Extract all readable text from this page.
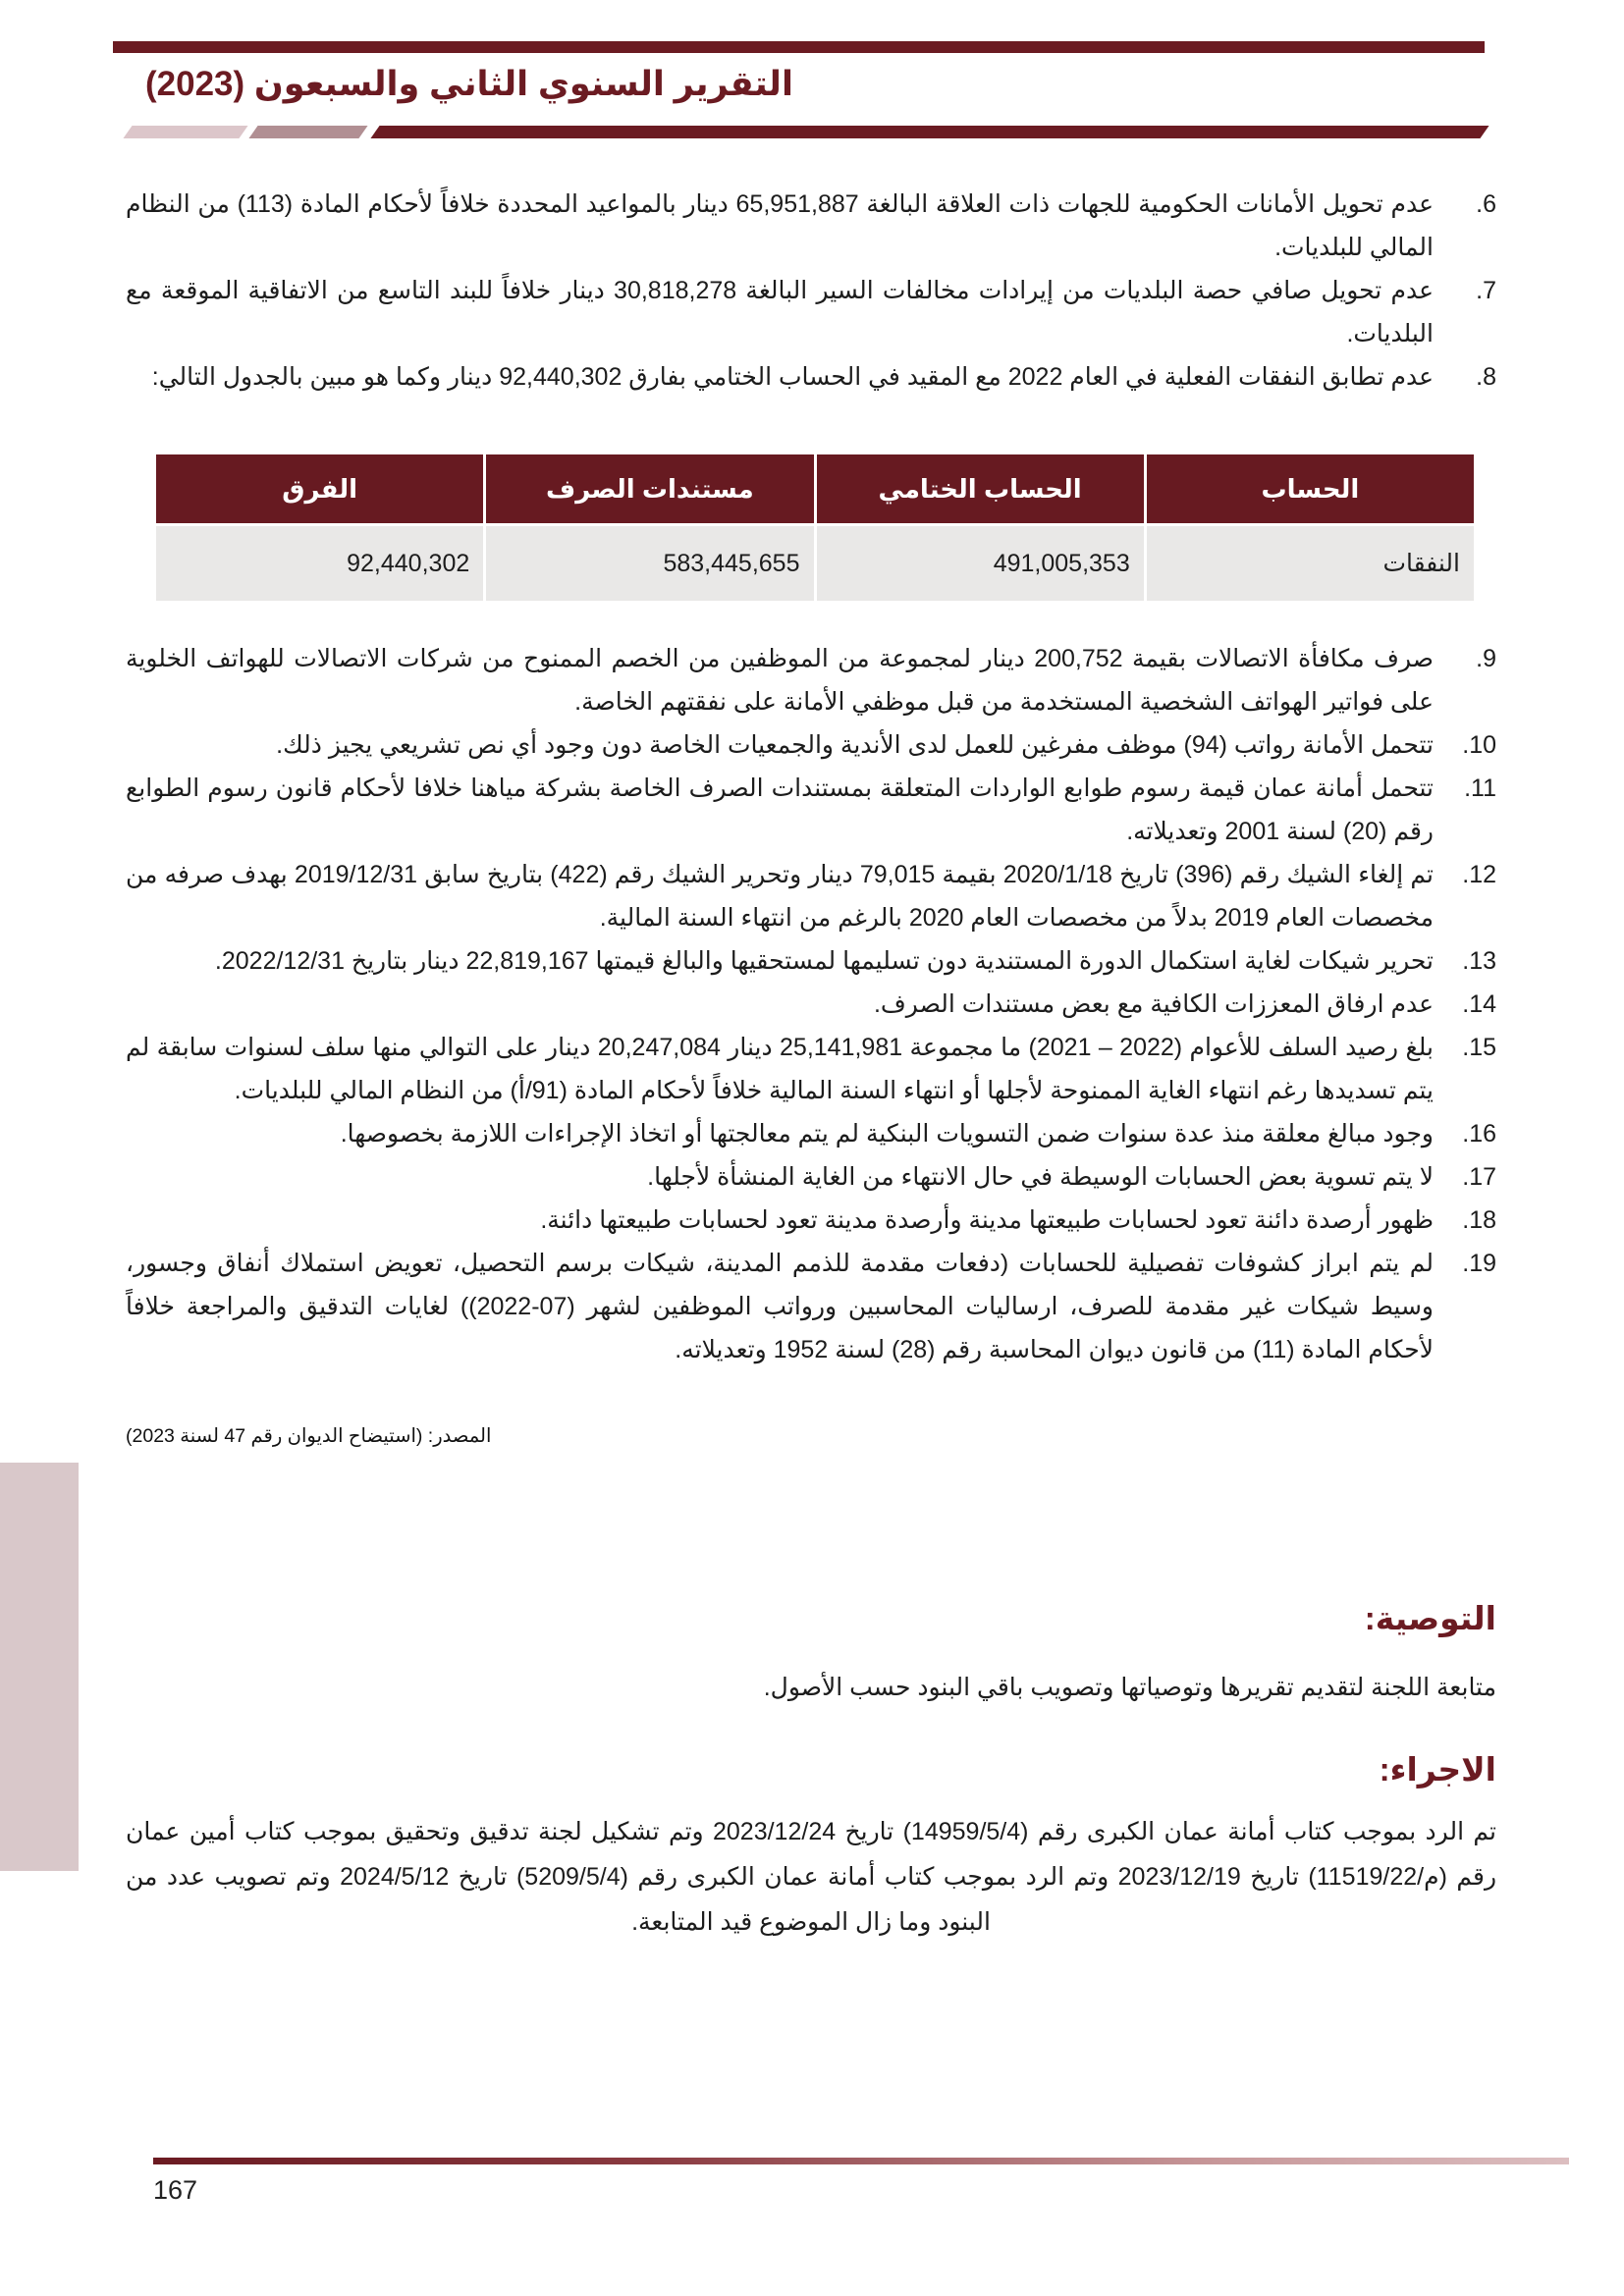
التقرير السنوي الثاني والسبعون (2023)
6.
عدم تحويل الأمانات الحكومية للجهات ذات العلاقة البالغة 65,951,887 دينار بالمواعيد المحددة خلافاً لأحكام المادة (113) من النظام المالي للبلديات.
7.
عدم تحويل صافي حصة البلديات من إيرادات مخالفات السير البالغة 30,818,278 دينار خلافاً للبند التاسع من الاتفاقية الموقعة مع البلديات.
8.
عدم تطابق النفقات الفعلية في العام 2022 مع المقيد في الحساب الختامي بفارق 92,440,302 دينار وكما هو مبين بالجدول التالي:
الحساب	الحساب الختامي	مستندات الصرف	الفرق
النفقات	491,005,353	583,445,655	92,440,302
9.
صرف مكافأة الاتصالات بقيمة 200,752 دينار لمجموعة من الموظفين من الخصم الممنوح من شركات الاتصالات للهواتف الخلوية على فواتير الهواتف الشخصية المستخدمة من قبل موظفي الأمانة على نفقتهم الخاصة.
10.
تتحمل الأمانة رواتب (94) موظف مفرغين للعمل لدى الأندية والجمعيات الخاصة دون وجود أي نص تشريعي يجيز ذلك.
11.
تتحمل أمانة عمان قيمة رسوم طوابع الواردات المتعلقة بمستندات الصرف الخاصة بشركة مياهنا خلافا لأحكام قانون رسوم الطوابع رقم (20) لسنة 2001 وتعديلاته.
12.
تم إلغاء الشيك رقم (396) تاريخ 2020/1/18 بقيمة 79,015 دينار وتحرير الشيك رقم (422) بتاريخ سابق 2019/12/31 بهدف صرفه من مخصصات العام 2019 بدلاً من مخصصات العام 2020 بالرغم من انتهاء السنة المالية.
13.
تحرير شيكات لغاية استكمال الدورة المستندية دون تسليمها لمستحقيها والبالغ قيمتها 22,819,167 دينار بتاريخ 2022/12/31.
14.
عدم ارفاق المعززات الكافية مع بعض مستندات الصرف.
15.
بلغ رصيد السلف للأعوام (⁦2021 – 2022⁩) ما مجموعة 25,141,981 دينار 20,247,084 دينار على التوالي منها سلف لسنوات سابقة لم يتم تسديدها رغم انتهاء الغاية الممنوحة لأجلها أو انتهاء السنة المالية خلافاً لأحكام المادة (91/أ) من النظام المالي للبلديات.
16.
وجود مبالغ معلقة منذ عدة سنوات ضمن التسويات البنكية لم يتم معالجتها أو اتخاذ الإجراءات اللازمة بخصوصها.
17.
لا يتم تسوية بعض الحسابات الوسيطة في حال الانتهاء من الغاية المنشأة لأجلها.
18.
ظهور أرصدة دائنة تعود لحسابات طبيعتها مدينة وأرصدة مدينة تعود لحسابات طبيعتها دائنة.
19.
لم يتم ابراز كشوفات تفصيلية للحسابات (دفعات مقدمة للذمم المدينة، شيكات برسم التحصيل، تعويض استملاك أنفاق وجسور، وسيط شيكات غير مقدمة للصرف، ارساليات المحاسبين ورواتب الموظفين لشهر (07-2022)) لغايات التدقيق والمراجعة خلافاً لأحكام المادة (11) من قانون ديوان المحاسبة رقم (28) لسنة 1952 وتعديلاته.
المصدر: (استيضاح الديوان رقم 47 لسنة 2023)
التوصية:
متابعة اللجنة لتقديم تقريرها وتوصياتها وتصويب باقي البنود حسب الأصول.
الاجراء:
تم الرد بموجب كتاب أمانة عمان الكبرى رقم (14959/5/4) تاريخ 2023/12/24 وتم تشكيل لجنة تدقيق وتحقيق بموجب كتاب أمين عمان رقم (م/11519/22) تاريخ 2023/12/19 وتم الرد بموجب كتاب أمانة عمان الكبرى رقم (5209/5/4) تاريخ 2024/5/12 وتم تصويب عدد من البنود وما زال الموضوع قيد المتابعة.
167
